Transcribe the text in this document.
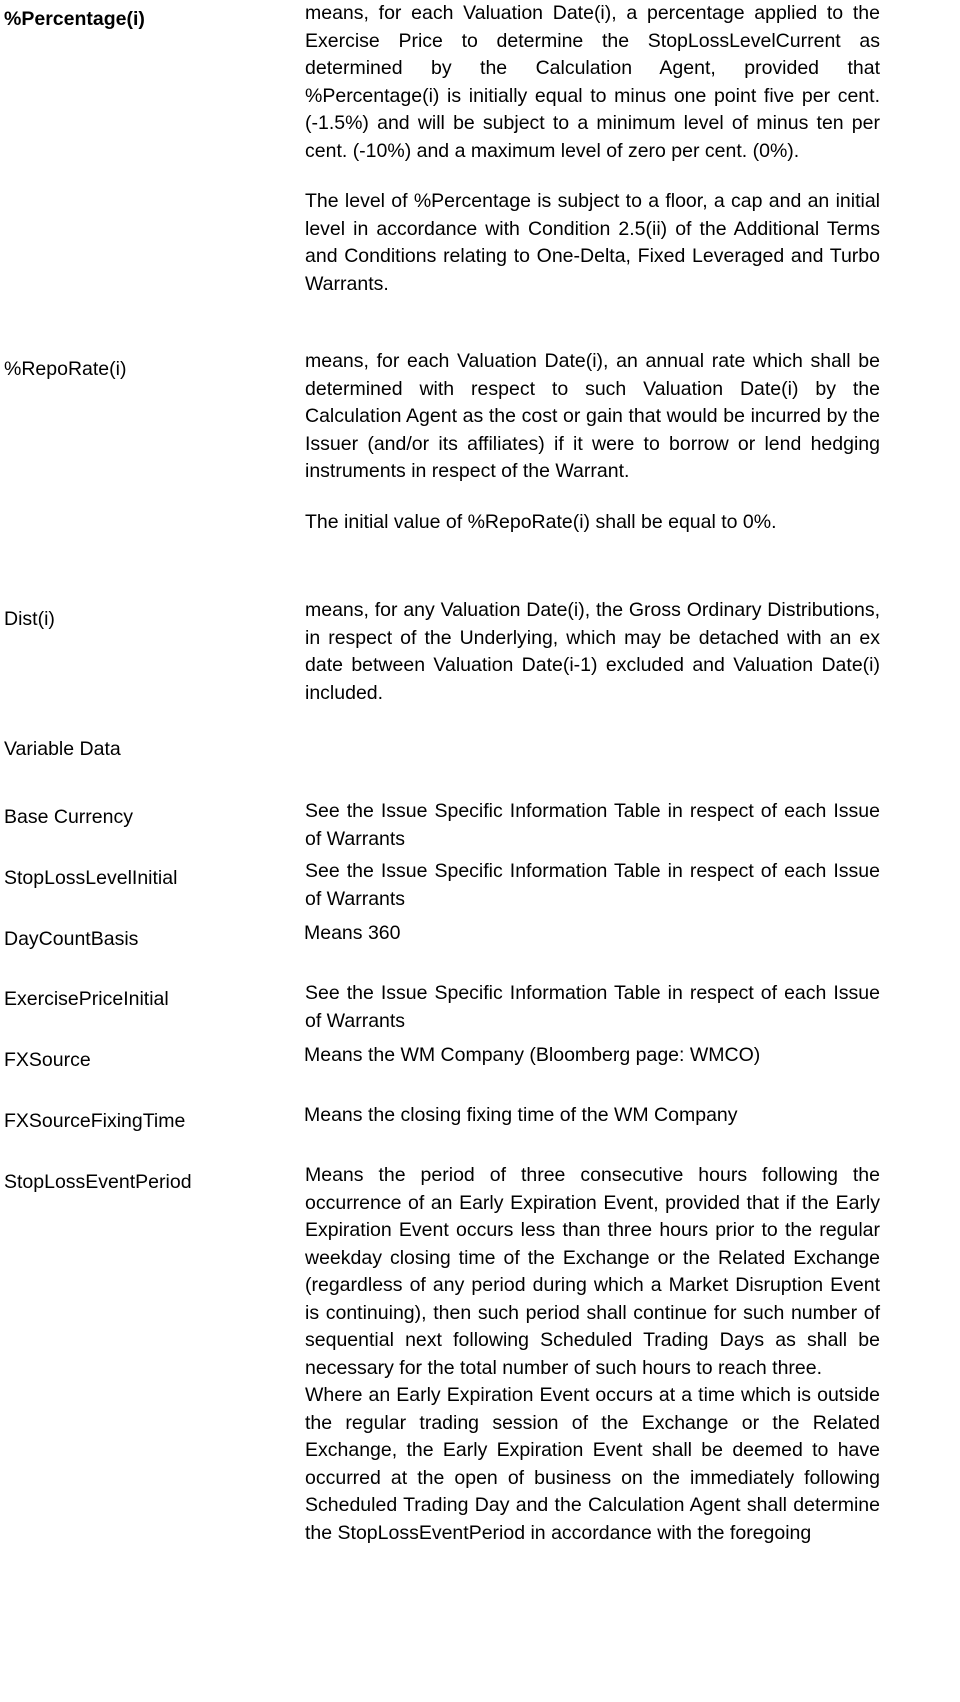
%Percentage(i)	means, for each Valuation Date(i), a percentage applied to the Exercise Price to determine the StopLossLevelCurrent as determined by the Calculation Agent, provided that %Percentage(i) is initially equal to minus one point five per cent. (-1.5%) and will be subject to a minimum level of minus ten per cent. (-10%) and a maximum level of zero per cent. (0%).

The level of %Percentage is subject to a floor, a cap and an initial level in accordance with Condition 2.5(ii) of the Additional Terms and Conditions relating to One-Delta, Fixed Leveraged and Turbo Warrants.

%RepoRate(i)	means, for each Valuation Date(i), an annual rate which shall be determined with respect to such Valuation Date(i) by the Calculation Agent as the cost or gain that would be incurred by the Issuer (and/or its affiliates) if it were to borrow or lend hedging instruments in respect of the Warrant.

The initial value of %RepoRate(i) shall be equal to 0%.

Dist(i)	means, for any Valuation Date(i), the Gross Ordinary Distributions, in respect of the Underlying, which may be detached with an ex date between Valuation Date(i-1) excluded and Valuation Date(i) included.

Variable Data
Base Currency	See the Issue Specific Information Table in respect of each Issue of Warrants

StopLossLevelInitial	See the Issue Specific Information Table in respect of each Issue of Warrants

DayCountBasis	Means 360
ExercisePriceInitial	See the Issue Specific Information Table in respect of each Issue of Warrants

FXSource	Means the WM Company (Bloomberg page: WMCO)
FXSourceFixingTime	Means the closing fixing time of the WM Company
StopLossEventPeriod	Means the period of three consecutive hours following the occurrence of an Early Expiration Event, provided that if the Early Expiration Event occurs less than three hours prior to the regular weekday closing time of the Exchange or the Related Exchange (regardless of any period during which a Market Disruption Event is continuing), then such period shall continue for such number of sequential next following Scheduled Trading Days as shall be necessary for the total number of such hours to reach three.

Where an Early Expiration Event occurs at a time which is outside the regular trading session of the Exchange or the Related Exchange, the Early Expiration Event shall be deemed to have occurred at the open of business on the immediately following Scheduled Trading Day and the Calculation Agent shall determine the StopLossEventPeriod in accordance with the foregoing
